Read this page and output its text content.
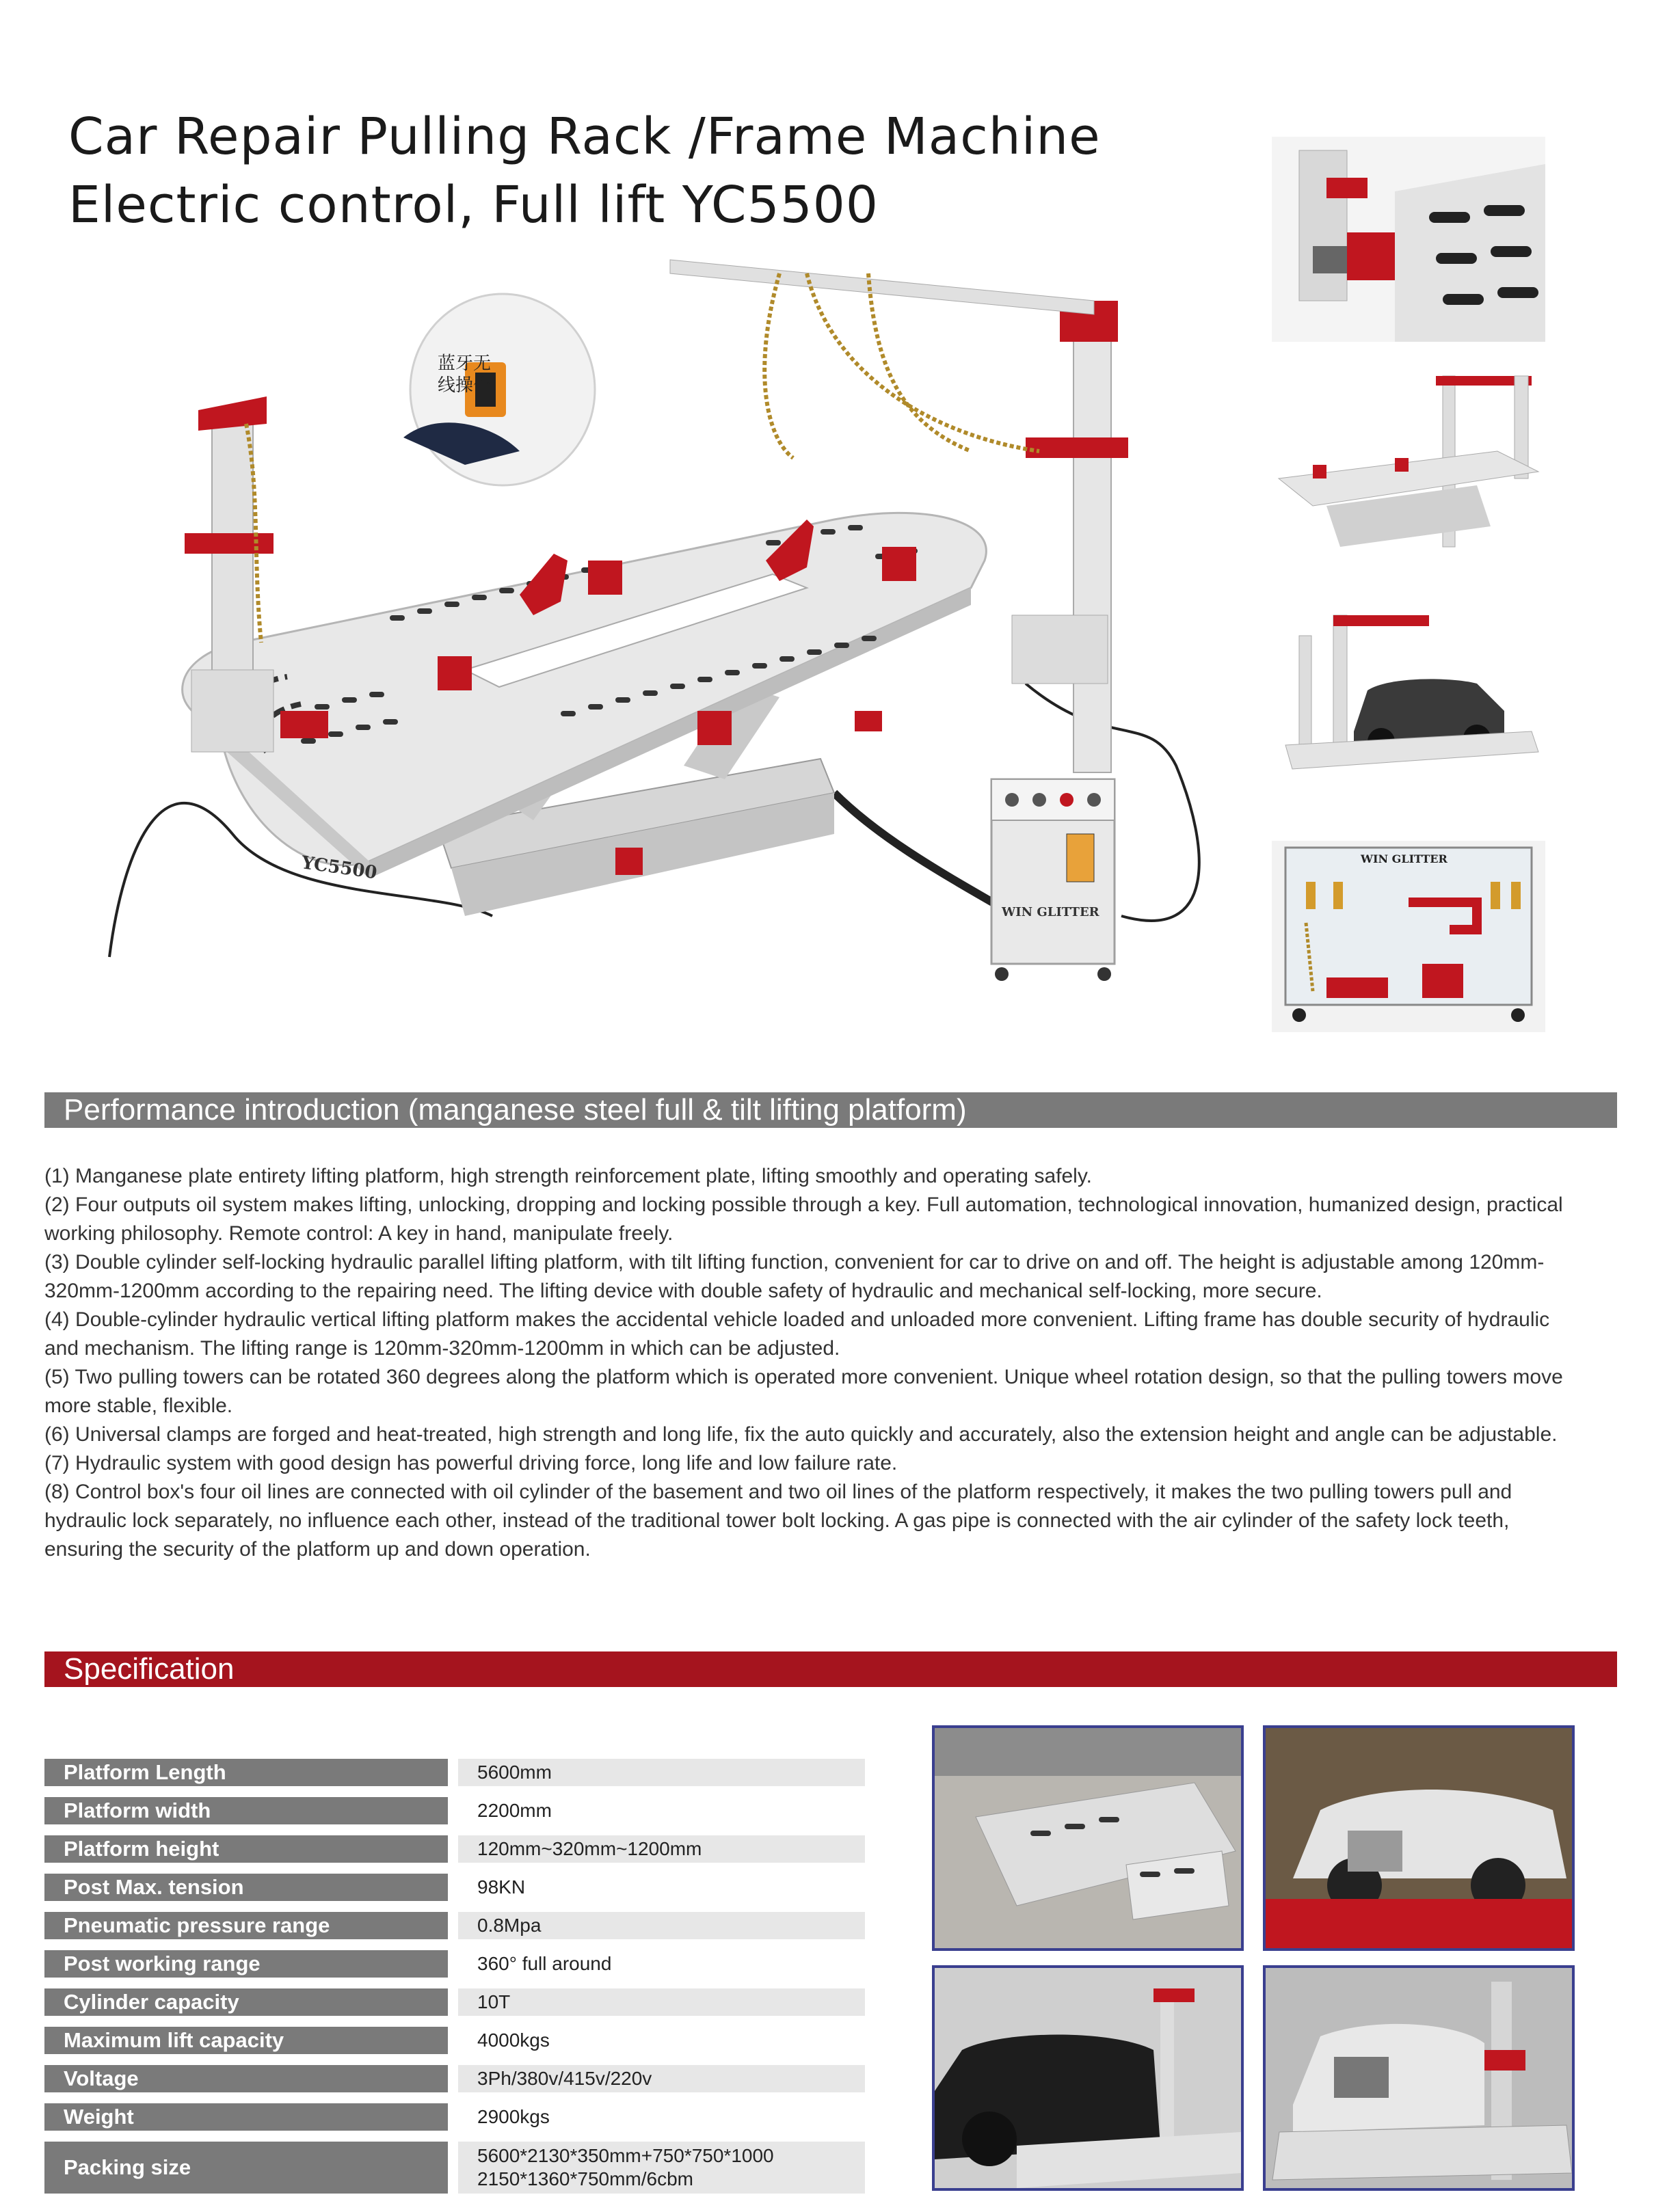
Car Repair Pulling Rack /Frame Machine
Electric control, Full lift YC5500
YC5500
WIN GLITTER
蓝牙无
线操作
WIN GLITTER
Performance introduction (manganese steel full & tilt lifting platform)

(1) Manganese plate entirety lifting platform, high strength reinforcement plate, lifting smoothly and operating safely.

(2) Four outputs oil system makes lifting, unlocking, dropping and locking possible through a key. Full automation, technological innovation, humanized design, practical working philosophy. Remote control: A key in hand, manipulate freely.

(3) Double cylinder self-locking hydraulic parallel lifting platform, with tilt lifting function, convenient for car to drive on and off. The height is adjustable among 120mm-320mm-1200mm according to the repairing need. The lifting device with double safety of hydraulic and mechanical self-locking, more secure.

(4) Double-cylinder hydraulic vertical lifting platform makes the accidental vehicle loaded and unloaded more convenient. Lifting frame has double security of hydraulic and mechanism. The lifting range is 120mm-320mm-1200mm in which can be adjusted.

(5) Two pulling towers can be rotated 360 degrees along the platform which is operated more convenient. Unique wheel rotation design, so that the pulling towers move more stable, flexible.

(6) Universal clamps are forged and heat-treated, high strength and long life, fix the auto quickly and accurately, also the extension height and angle can be adjustable.

(7) Hydraulic system with good design has powerful driving force, long life and low failure rate.

(8) Control box's four oil lines are connected with oil cylinder of the basement and two oil lines of the platform respectively, it makes the two pulling towers pull and hydraulic lock separately, no influence each other, instead of the traditional tower bolt locking. A gas pipe is connected with the air cylinder of the safety lock teeth, ensuring the security of the platform up and down operation.

Specification
Platform Length	5600mm
Platform width	2200mm
Platform height	120mm~320mm~1200mm
Post Max. tension	98KN
Pneumatic pressure range	0.8Mpa
Post working range	360° full around
Cylinder capacity	10T
Maximum lift capacity	4000kgs
Voltage	3Ph/380v/415v/220v
Weight	2900kgs
Packing size	5600*2130*350mm+750*750*1000
2150*1360*750mm/6cbm
